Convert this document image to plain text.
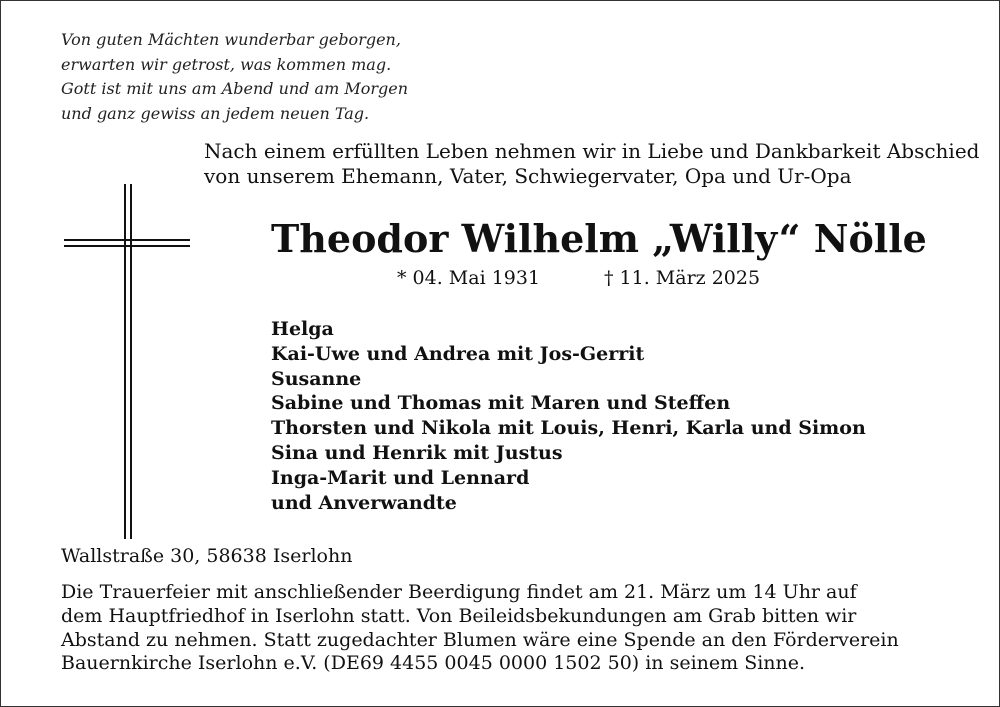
Von guten Mächten wunderbar geborgen,
erwarten wir getrost, was kommen mag.
Gott ist mit uns am Abend und am Morgen
und ganz gewiss an jedem neuen Tag.
Nach einem erfüllten Leben nehmen wir in Liebe und Dankbarkeit Abschied
von unserem Ehemann, Vater, Schwiegervater, Opa und Ur-Opa
Theodor Wilhelm „Willy“ Nölle
* 04. Mai 1931	† 11. März 2025
Helga
Kai-Uwe und Andrea mit Jos-Gerrit
Susanne
Sabine und Thomas mit Maren und Steffen
Thorsten und Nikola mit Louis, Henri, Karla und Simon
Sina und Henrik mit Justus
Inga-Marit und Lennard
und Anverwandte
Wallstraße 30, 58638 Iserlohn
Die Trauerfeier mit anschließender Beerdigung findet am 21. März um 14 Uhr auf
dem Hauptfriedhof in Iserlohn statt. Von Beileidsbekundungen am Grab bitten wir
Abstand zu nehmen. Statt zugedachter Blumen wäre eine Spende an den Förderverein
Bauernkirche Iserlohn e.V. (DE69 4455 0045 0000 1502 50) in seinem Sinne.
